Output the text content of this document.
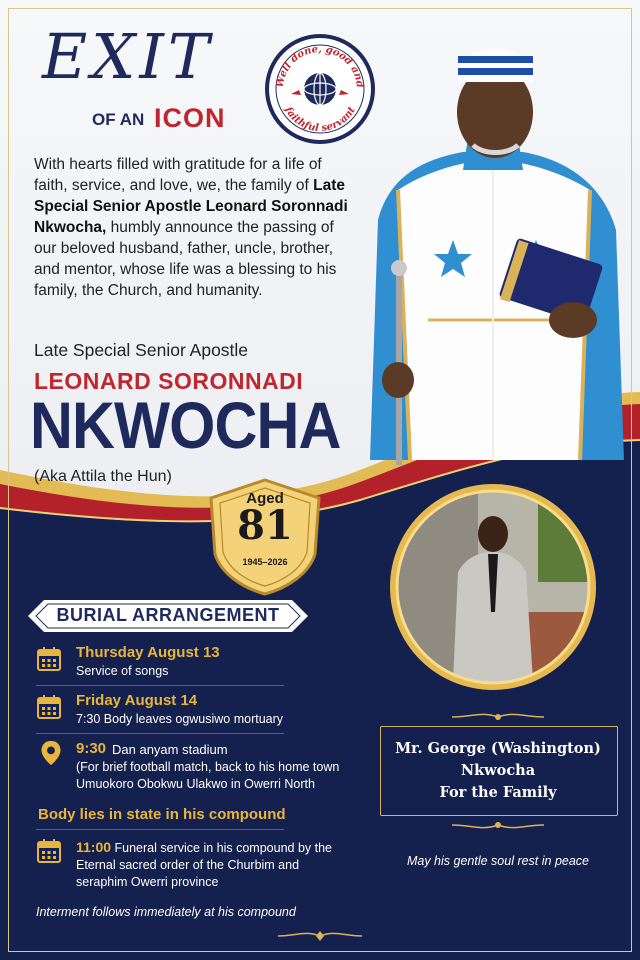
EXIT
OF AN ICON
Well done, good and
faithful servant
With hearts filled with gratitude for a life of faith, service, and love, we, the family of Late Special Senior Apostle Leonard Soronnadi Nkwocha, humbly announce the passing of our beloved husband, father, uncle, brother, and mentor, whose life was a blessing to his family, the Church, and humanity.
Late Special Senior Apostle
LEONARD SORONNADI
NKWOCHA
(Aka Attila the Hun)
Aged
81
1945–2026
BURIAL ARRANGEMENT
Thursday August 13
Service of songs
Friday August 14
7:30 Body leaves ogwusiwo mortuary
9:30 Dan anyam stadium
(For brief football match, back to his home town Umuokoro Obokwu Ulakwo in Owerri North
Body lies in state in his compound
11:00 Funeral service in his compound by the Eternal sacred order of the Churbim and seraphim Owerri province
Interment follows immediately at his compound
Mr. George (Washington)
Nkwocha
For the Family
May his gentle soul rest in peace
